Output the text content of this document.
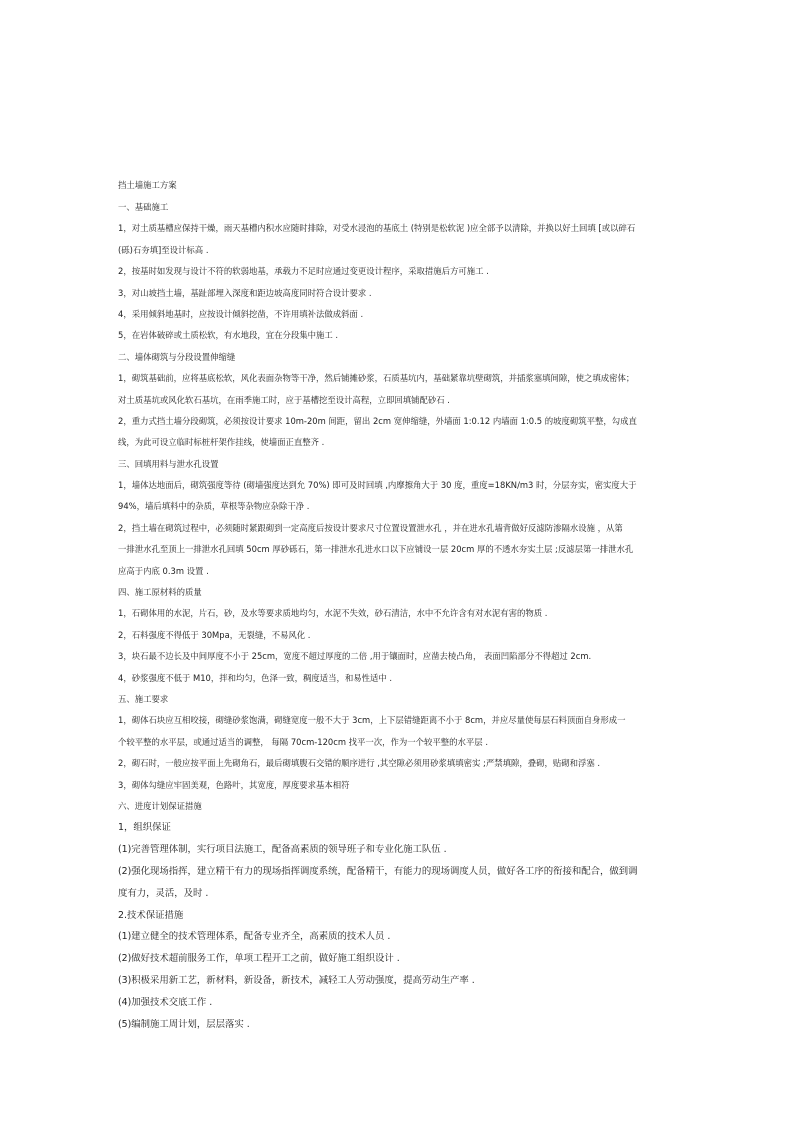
挡土墙施工方案
一、基础施工
1，对土质基槽应保持干燥，雨天基槽内积水应随时排除，对受水浸泡的基底土 (特别是松软泥 )应全部予以清除，并换以好土回填 [或以碎石
(砾)石夯填]至设计标高 .
2，按基时如发现与设计不符的软弱地基，承载力不足时应通过变更设计程序，采取措施后方可施工 .
3，对山坡挡土墙，基趾部埋入深度和距边坡高度同时符合设计要求 .
4，采用倾斜地基时，应按设计倾斜挖凿，不许用填补法做成斜面 .
5，在岩体破碎或土质松软，有水地段，宜在分段集中施工 .
二、墙体砌筑与分段设置伸缩缝
1，砌筑基础前，应将基底松软，风化表面杂物等干净，然后铺摊砂浆，石质基坑内，基础紧靠坑壁砌筑，并插浆塞填间隙，使之填成密体；
对土质基坑或风化软石基坑，在雨季施工时，应于基槽挖至设计高程，立即回填铺配砂石 .
2，重力式挡土墙分段砌筑，必须按设计要求 10m-20m 间距，留出 2cm 宽伸缩缝，外墙面 1:0.12 内墙面 1:0.5 的坡度砌筑平整，勾成直
线，为此可设立临时标桩杆架作挂线，使墙面正直整齐 .
三、回填用料与泄水孔设置
1，墙体达地面后，砌筑强度等待 (砌墙强度达到允 70%) 即可及时回填 ,内摩擦角大于 30 度，重度=18KN/m3 时，分层夯实，密实度大于
94%，墙后填料中的杂质，草根等杂物应杂除干净 .
2，挡土墙在砌筑过程中，必须随时紧跟砌到一定高度后按设计要求尺寸位置设置泄水孔 ，并在进水孔墙背做好反滤防渗隔水设施 ，从第
一排泄水孔至顶上一排泄水孔回填 50cm 厚砂砾石，第一排泄水孔进水口以下应铺设一层 20cm 厚的不透水夯实土层 ;反滤层第一排泄水孔
应高于内底 0.3m 设置 .
四、施工原材料的质量
1，石砌体用的水泥，片石，砂，及水等要求质地均匀，水泥不失效，砂石清洁，水中不允许含有对水泥有害的物质 .
2，石料强度不得低于 30Mpa，无裂缝，不易风化 .
3，块石最不边长及中间厚度不小于 25cm，宽度不超过厚度的二倍 ,用于镶面时，应凿去棱凸角， 表面凹陷部分不得超过 2cm.
4，砂浆强度不低于 M10，拌和均匀，色泽一致，稠度适当，和易性适中 .
五、施工要求
1，砌体石块应互相咬接，砌缝砂浆饱满，砌缝宽度一般不大于 3cm，上下层错缝距离不小于 8cm，并应尽量使每层石料顶面自身形成一
个较平整的水平层，或通过适当的调整， 每隔 70cm-120cm 找平一次，作为一个较平整的水平层 .
2，砌石时，一般应按平面上先砌角石，最后砌填腹石交错的顺序进行 ,其空隙必须用砂浆填填密实 ;严禁填隙，叠砌，贴砌和浮塞 .
3，砌体勾缝应牢固美观，色路叶，其宽度，厚度要求基本相符
六、进度计划保证措施
1，组织保证
(1)完善管理体制，实行项目法施工，配备高素质的领导班子和专业化施工队伍 .
(2)强化现场指挥，建立精干有力的现场指挥调度系统，配备精干，有能力的现场调度人员，做好各工序的衔接和配合，做到调
度有力，灵活，及时 .
2.技术保证措施
(1)建立健全的技术管理体系，配备专业齐全，高素质的技术人员 .
(2)做好技术超前服务工作，单项工程开工之前，做好施工组织设计 .
(3)积极采用新工艺，新材料，新设备，新技术，减轻工人劳动强度，提高劳动生产率 .
(4)加强技术交底工作 .
(5)编制施工周计划，层层落实 .
